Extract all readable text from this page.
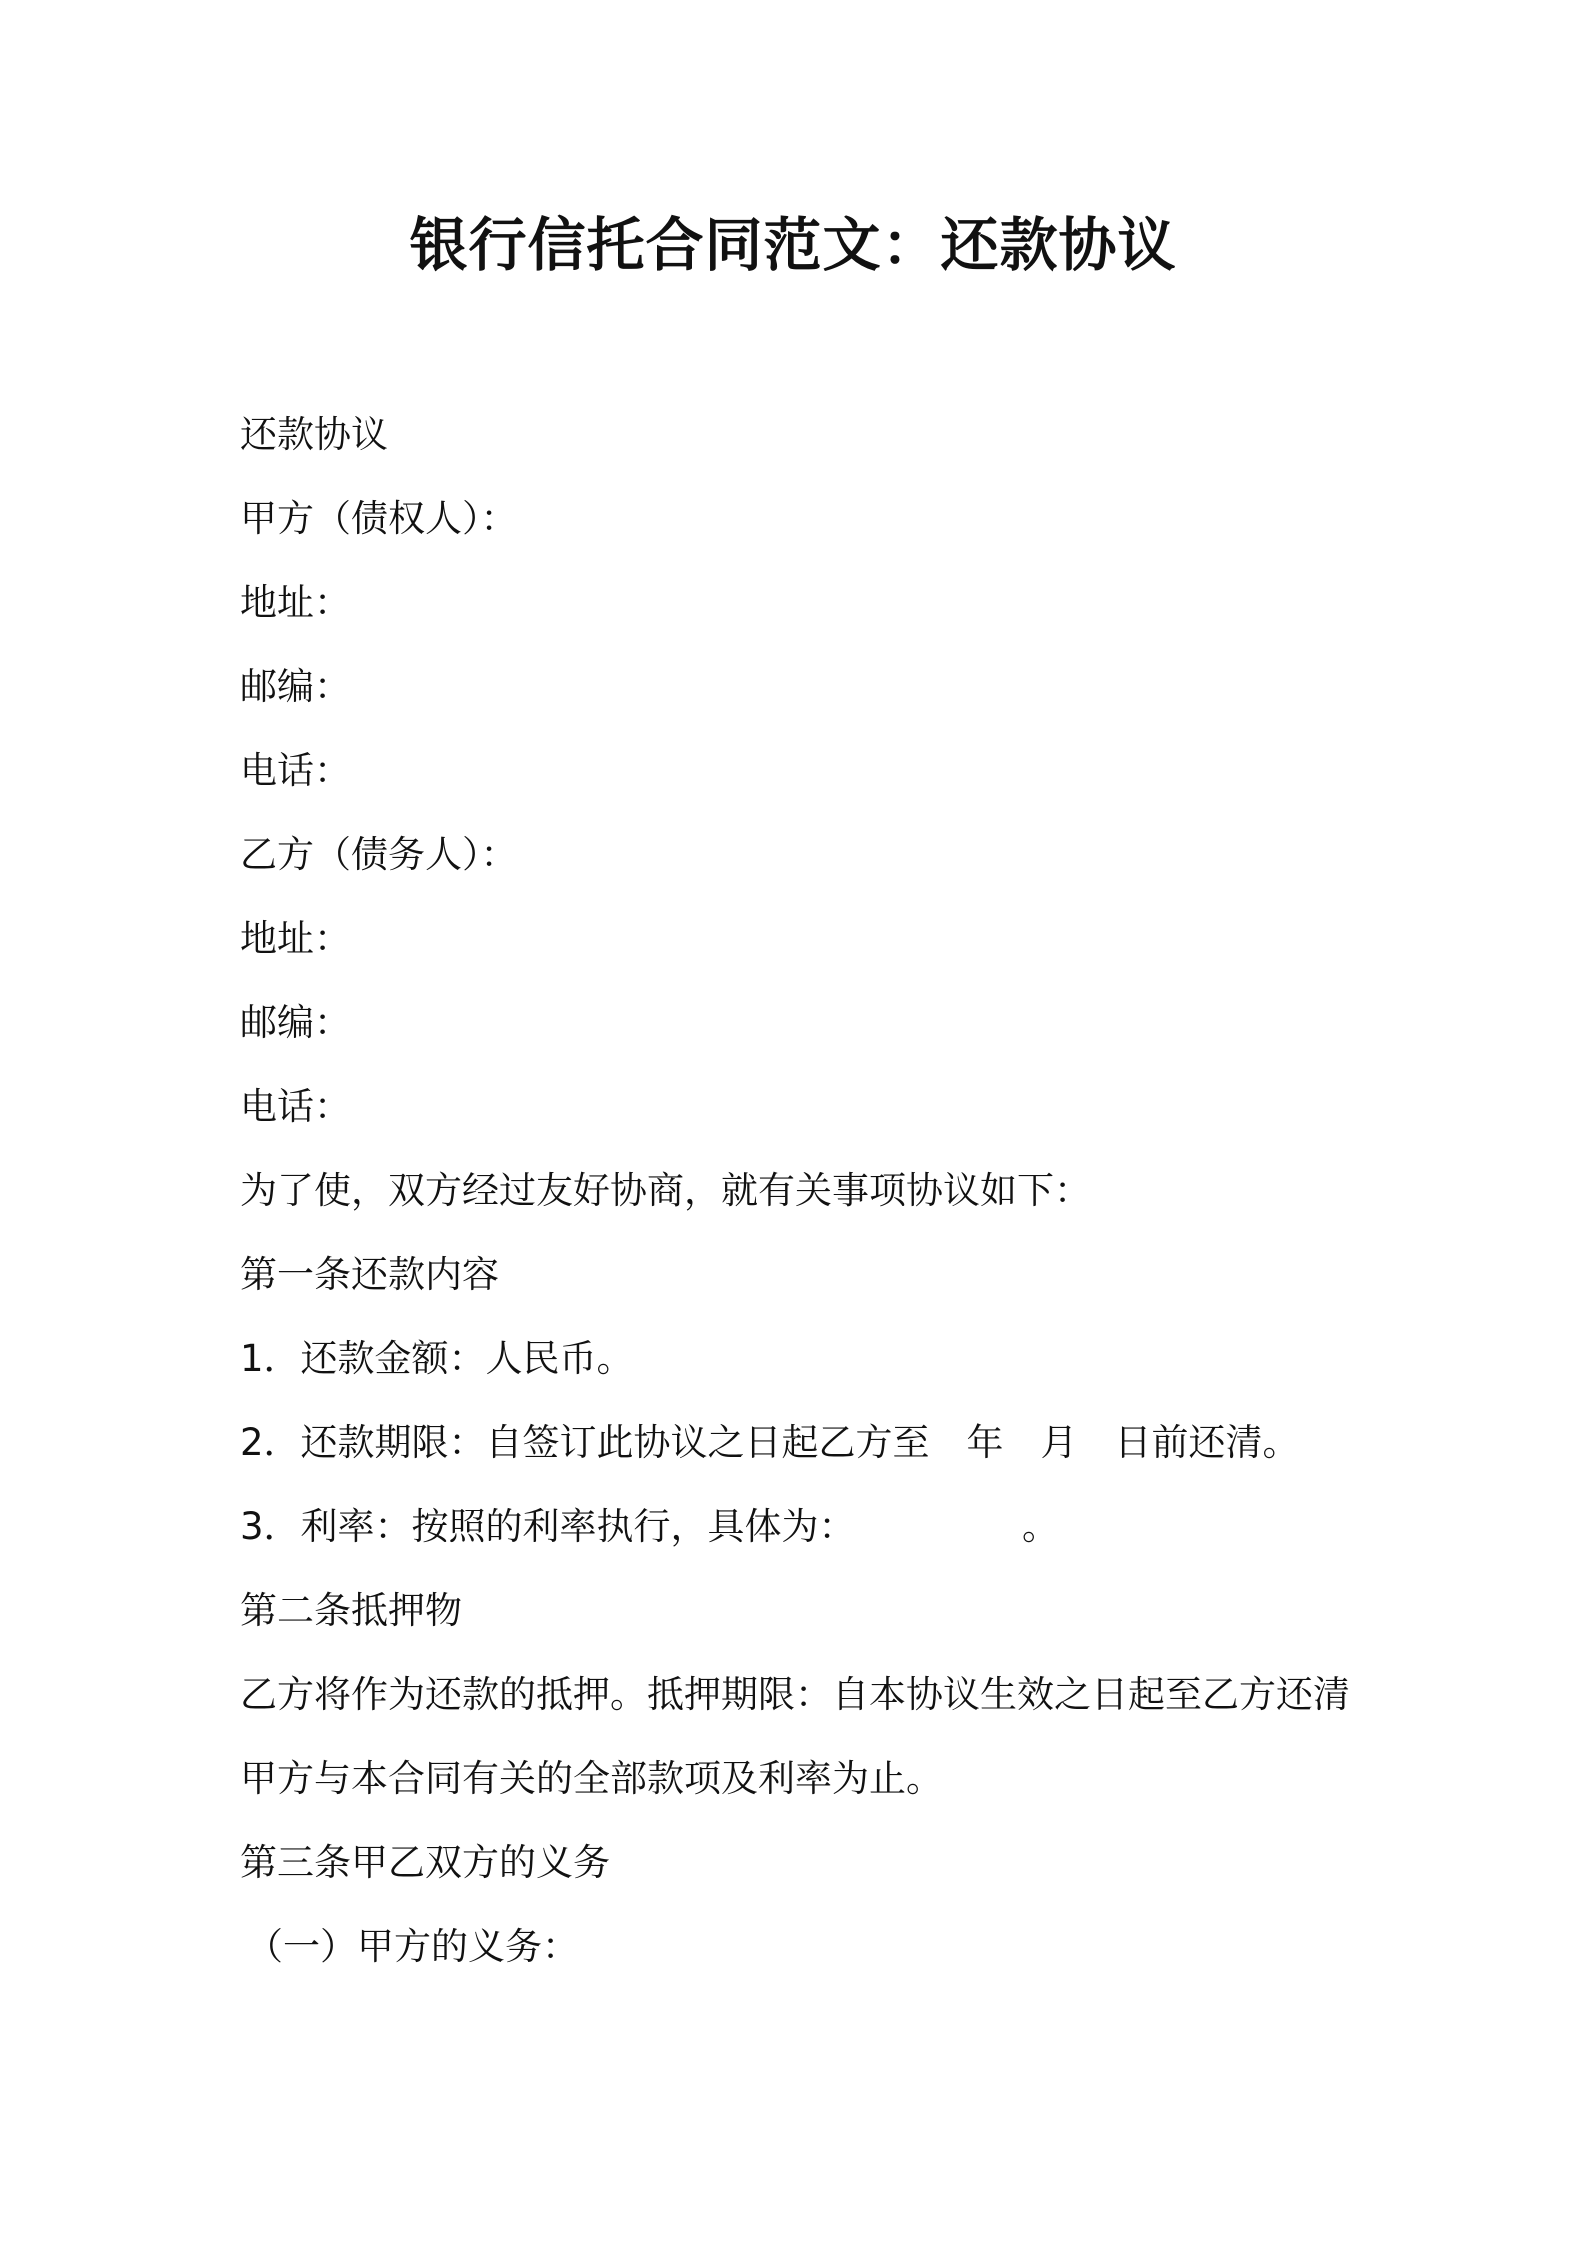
银行信托合同范文：还款协议

还款协议

甲方（债权人）：

地址：

邮编：

电话：

乙方（债务人）：

地址：

邮编：

电话：

为了使，双方经过友好协商，就有关事项协议如下：

第一条还款内容

1．还款金额：人民币。

2．还款期限：自签订此协议之日起乙方至　年　月　日前还清。

3．利率：按照的利率执行，具体为：　　　　　。

第二条抵押物

乙方将作为还款的抵押。抵押期限：自本协议生效之日起至乙方还清

甲方与本合同有关的全部款项及利率为止。

第三条甲乙双方的义务

（一）甲方的义务：
